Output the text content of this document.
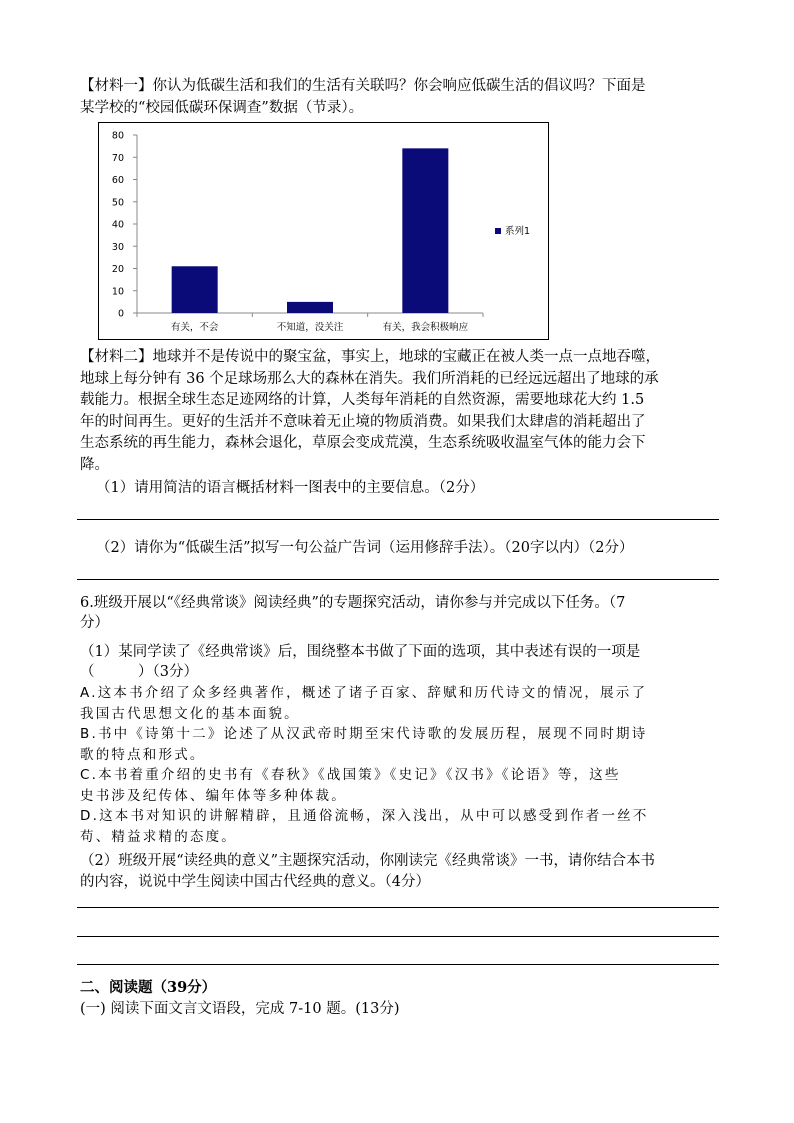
【材料一】你认为低碳生活和我们的生活有关联吗？你会响应低碳生活的倡议吗？下面是
某学校的“校园低碳环保调查”数据（节录）。
0
10
20
30
40
50
60
70
80
有关，不会	不知道，没关注	有关，我会积极响应
系列1
【材料二】地球并不是传说中的聚宝盆，事实上，地球的宝藏正在被人类一点一点地吞噬，
地球上每分钟有 36 个足球场那么大的森林在消失。我们所消耗的已经远远超出了地球的承
载能力。根据全球生态足迹网络的计算，人类每年消耗的自然资源，需要地球花大约 1.5
年的时间再生。更好的生活并不意味着无止境的物质消费。如果我们太肆虐的消耗超出了
生态系统的再生能力，森林会退化，草原会变成荒漠，生态系统吸收温室气体的能力会下
降。
（1）请用简洁的语言概括材料一图表中的主要信息。（2分）
（2）请你为“低碳生活”拟写一句公益广告词（运用修辞手法）。（20字以内）（2分）
6.班级开展以“《经典常谈》阅读经典”的专题探究活动，请你参与并完成以下任务。（7
分）
（1）某同学读了《经典常谈》后，围绕整本书做了下面的选项，其中表述有误的一项是
（　　　）（3分）
A.这本书介绍了众多经典著作，概述了诸子百家、辞赋和历代诗文的情况，展示了
我国古代思想文化的基本面貌。
B.书中《诗第十二》论述了从汉武帝时期至宋代诗歌的发展历程，展现不同时期诗
歌的特点和形式。
C.本书着重介绍的史书有《春秋》《战国策》《史记》《汉书》《论语》等，这些
史书涉及纪传体、编年体等多种体裁。
D.这本书对知识的讲解精辟，且通俗流畅，深入浅出，从中可以感受到作者一丝不
苟、精益求精的态度。
（2）班级开展“读经典的意义”主题探究活动，你刚读完《经典常谈》一书，请你结合本书
的内容，说说中学生阅读中国古代经典的意义。（4分）
二、阅读题（39分）
(一) 阅读下面文言文语段，完成 7-10 题。(13分)
